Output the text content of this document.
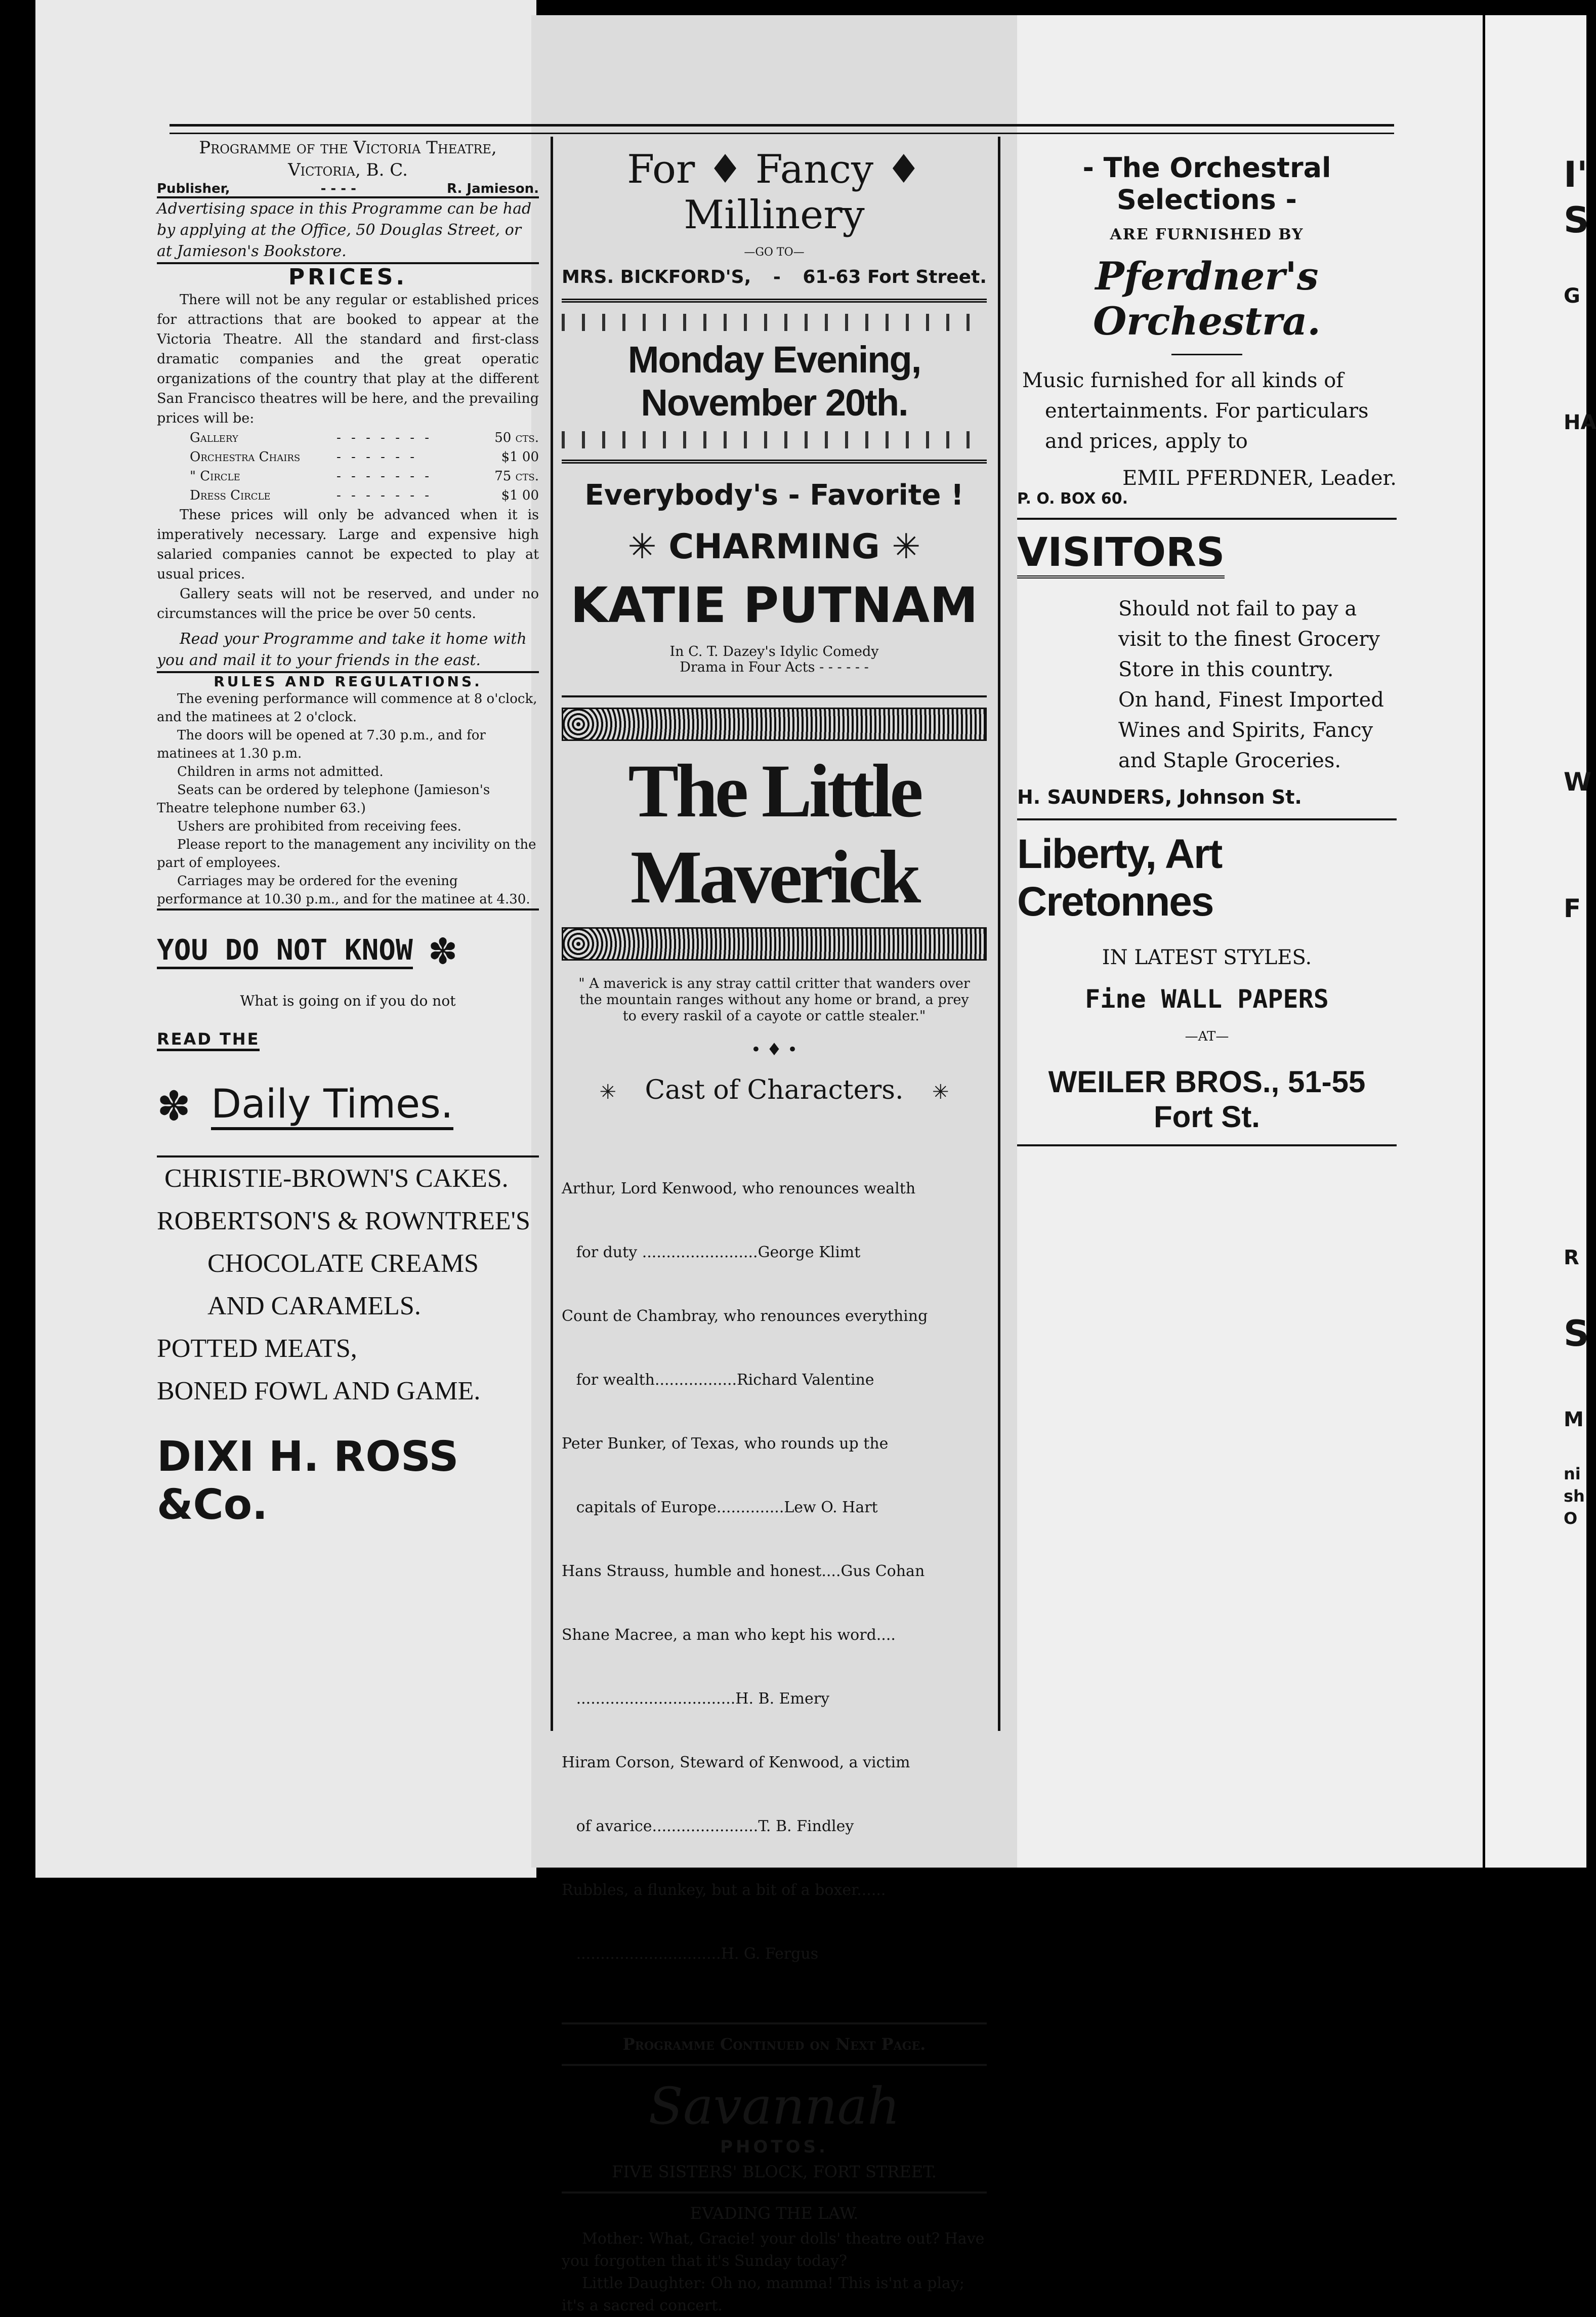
Programme of the Victoria Theatre,
Victoria, B. C.
Publisher,	- - - -	R. Jamieson.

Advertising space in this Programme can be had by applying at the Office, 50 Douglas Street, or at Jamieson's Bookstore.

PRICES.

There will not be any regular or established prices for attractions that are booked to appear at the Victoria Theatre. All the standard and first-class dramatic companies and the great operatic organizations of the country that play at the different San Francisco theatres will be here, and the prevailing prices will be:

Gallery	- - - - - - -	50 cts.
Orchestra Chairs	- - - - - -	$1 00
" Circle	- - - - - - -	75 cts.
Dress Circle	- - - - - - -	$1 00

These prices will only be advanced when it is imperatively necessary. Large and expensive high salaried companies cannot be expected to play at usual prices.

Gallery seats will not be reserved, and under no circumstances will the price be over 50 cents.

Read your Programme and take it home with you and mail it to your friends in the east.

RULES AND REGULATIONS.
The evening performance will commence at 8 o'clock, and the matinees at 2 o'clock.
The doors will be opened at 7.30 p.m., and for matinees at 1.30 p.m.
Children in arms not admitted.
Seats can be ordered by telephone (Jamieson's Theatre telephone number 63.)
Ushers are prohibited from receiving fees.
Please report to the management any incivility on the part of employees.
Carriages may be ordered for the evening performance at 10.30 p.m., and for the matinee at 4.30.
YOU DO NOT KNOW ✽
What is going on if you do not
READ THE
✽ Daily Times.
CHRISTIE-BROWN'S CAKES.
ROBERTSON'S & ROWNTREE'S
CHOCOLATE CREAMS
AND CARAMELS.
POTTED MEATS,
BONED FOWL AND GAME.
DIXI H. ROSS &Co.
For ♦ Fancy ♦ Millinery
—GO TO—
MRS. BICKFORD'S, - 61-63 Fort Street.
Monday Evening, November 20th.
Everybody's - Favorite !
✳ CHARMING ✳
KATIE PUTNAM
In C. T. Dazey's Idylic Comedy
Drama in Four Acts - - - - - -
The Little Maverick
" A maverick is any stray cattil critter that wanders over the mountain ranges without any home or brand, a prey to every raskil of a cayote or cattle stealer."
• ♦ •
✳ Cast of Characters. ✳

Arthur, Lord Kenwood, who renounces wealth

for duty ........................George Klimt

Count de Chambray, who renounces everything

for wealth.................Richard Valentine

Peter Bunker, of Texas, who rounds up the

capitals of Europe..............Lew O. Hart

Hans Strauss, humble and honest....Gus Cohan

Shane Macree, a man who kept his word....

.................................H. B. Emery

Hiram Corson, Steward of Kenwood, a victim

of avarice......................T. B. Findley

Rubbles, a flunkey, but a bit of a boxer......

..............................H. G. Fergus

Programme Continued on Next Page.
Savannah
PHOTOS.
FIVE SISTERS' BLOCK, FORT STREET.
EVADING THE LAW.
Mother: What, Gracie! your dolls' theatre out? Have you forgotten that it's Sunday today?
Little Daughter: Oh no, mamma! This is'nt a play; it's a sacred concert.
- The Orchestral Selections -
ARE FURNISHED BY
Pferdner's Orchestra.

Music furnished for all kinds of entertainments. For particulars and prices, apply to

EMIL PFERDNER, Leader.

P. O. BOX 60.

VISITORS
Should not fail to pay a
visit to the finest Grocery
Store in this country.
On hand, Finest Imported
Wines and Spirits, Fancy
and Staple Groceries.

H. SAUNDERS, Johnson St.

Liberty, Art Cretonnes
IN LATEST STYLES.
Fine WALL PAPERS
—AT—
WEILER BROS., 51-55 Fort St.
I'
S
G
HA
W
F
R
S
M
ni
sh
O
